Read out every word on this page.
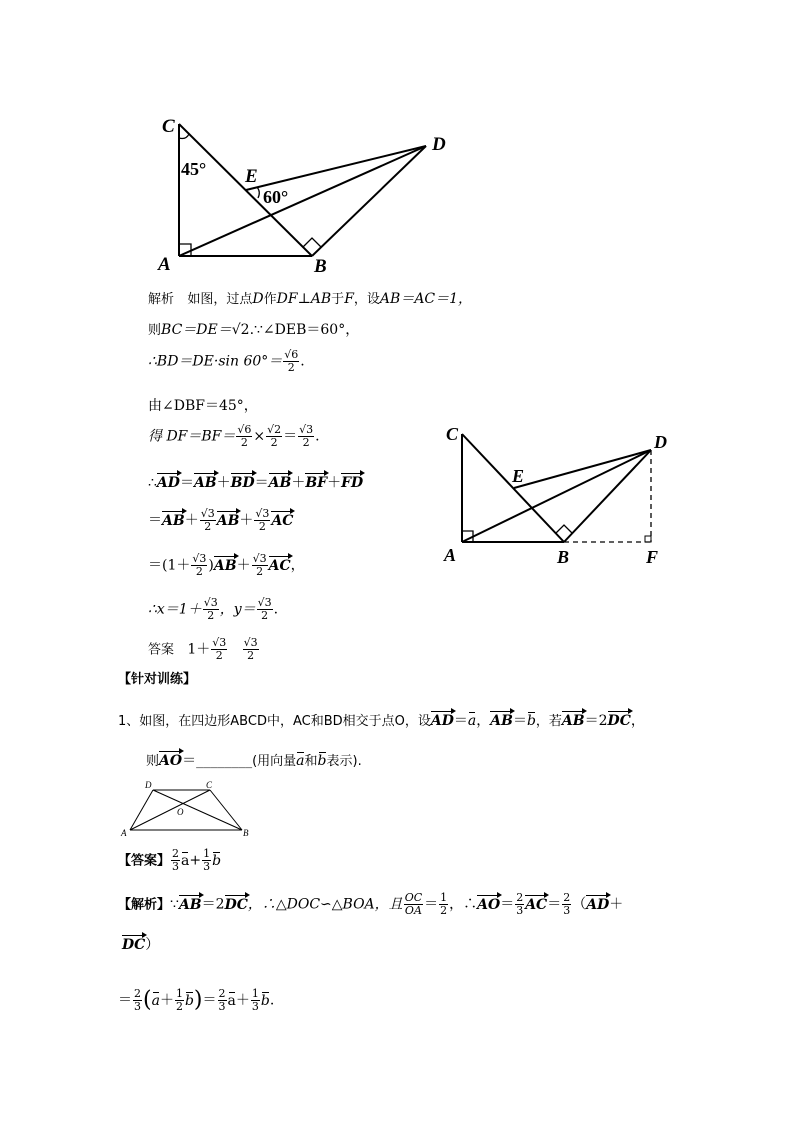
C
A	B
D
E
45°
60°
解析 如图，过点D作DF⊥AB于F，设AB＝AC＝1，
则BC＝DE＝√2.∵∠DEB＝60°，
∴BD＝DE·sin $60^\circ= \frac{√6}{2}$ .
由∠DBF＝45°，
得 $DF=BF= \frac{√6}{2} \times \frac{√2}{2} = \frac{√3}{2}$ .
∴AD＝AB＋BD＝AB＋BF＋FD
$=AB+ \frac{√3}{2} AB+ \frac{√3}{2}$ AC
$=(1+ \frac{√3}{2} )AB+ \frac{√3}{2}$ AC，
∴x＝1＋ $\frac{√3}{2}$ ，$y= \frac{√3}{2}$ .
答案 $1+ \frac{√3}{2}$
$\frac{√3}{2}$
C
A	B
D
E
F
【针对训练】
1、如图，在四边形ABCD中，AC和BD相交于点O，设AD＝a，AB＝b，若AB＝2DC，
则AO＝________(用向量a和b表示).
D	C
O
A	B
【答案】 $\frac{2}{3} a+ \frac{1}{3}$ b
【解析】∵AB＝2DC，∴△DOC∽△BOA，且 $\frac{OC}{OA} = \frac{1}{2}$ ，∴AO＝ $\frac{2}{3} AC= \frac{2}{3} (AD+$
DC）
＝ $\frac{2}{3} (a+ \frac{1}{2} b)= \frac{2}{3} a+ \frac{1}{3} b$.
